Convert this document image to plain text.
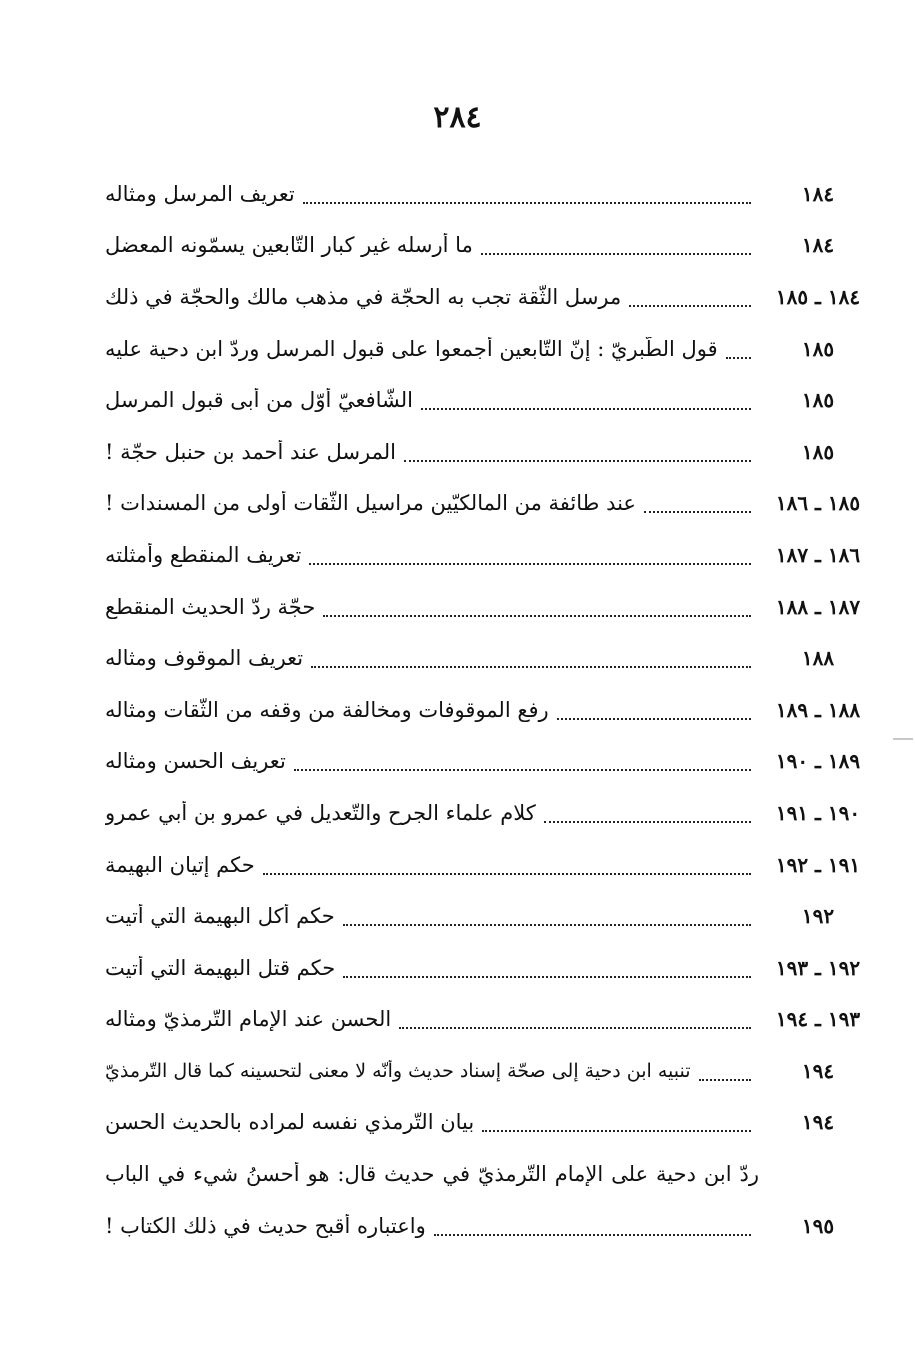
٢٨٤
تعريف المرسل ومثاله	١٨٤
ما أرسله غير كبار التّابعين يسمّونه المعضل	١٨٤
مرسل الثّقة تجب به الحجّة في مذهب مالك والحجّة في ذلك	١٨٤ ـ ١٨٥
قول الطّبريّ : إنّ التّابعين أجمعوا على قبول المرسل وردّ ابن دحية عليه	١٨٥
الشّافعيّ أوّل من أبى قبول المرسل	١٨٥
المرسل عند أحمد بن حنبل حجّة !	١٨٥
عند طائفة من المالكيّين مراسيل الثّقات أولى من المسندات !	١٨٥ ـ ١٨٦
تعريف المنقطع وأمثلته	١٨٦ ـ ١٨٧
حجّة ردّ الحديث المنقطع	١٨٧ ـ ١٨٨
تعريف الموقوف ومثاله	١٨٨
رفع الموقوفات ومخالفة من وقفه من الثّقات ومثاله	١٨٨ ـ ١٨٩
تعريف الحسن ومثاله	١٨٩ ـ ١٩٠
كلام علماء الجرح والتّعديل في عمرو بن أبي عمرو	١٩٠ ـ ١٩١
حكم إتيان البهيمة	١٩١ ـ ١٩٢
حكم أكل البهيمة التي أُتيت	١٩٢
حكم قتل البهيمة التي أُتيت	١٩٢ ـ ١٩٣
الحسن عند الإمام التّرمذيّ ومثاله	١٩٣ ـ ١٩٤
تنبيه ابن دحية إلى صحّة إسناد حديث وأنّه لا معنى لتحسينه كما قال التّرمذيّ	١٩٤
بيان التّرمذي نفسه لمراده بالحديث الحسن	١٩٤
ردّ ابن دحية على الإمام التّرمذيّ في حديث قال: هو أحسنُ شيء في الباب
واعتباره أقبح حديث في ذلك الكتاب !	١٩٥
